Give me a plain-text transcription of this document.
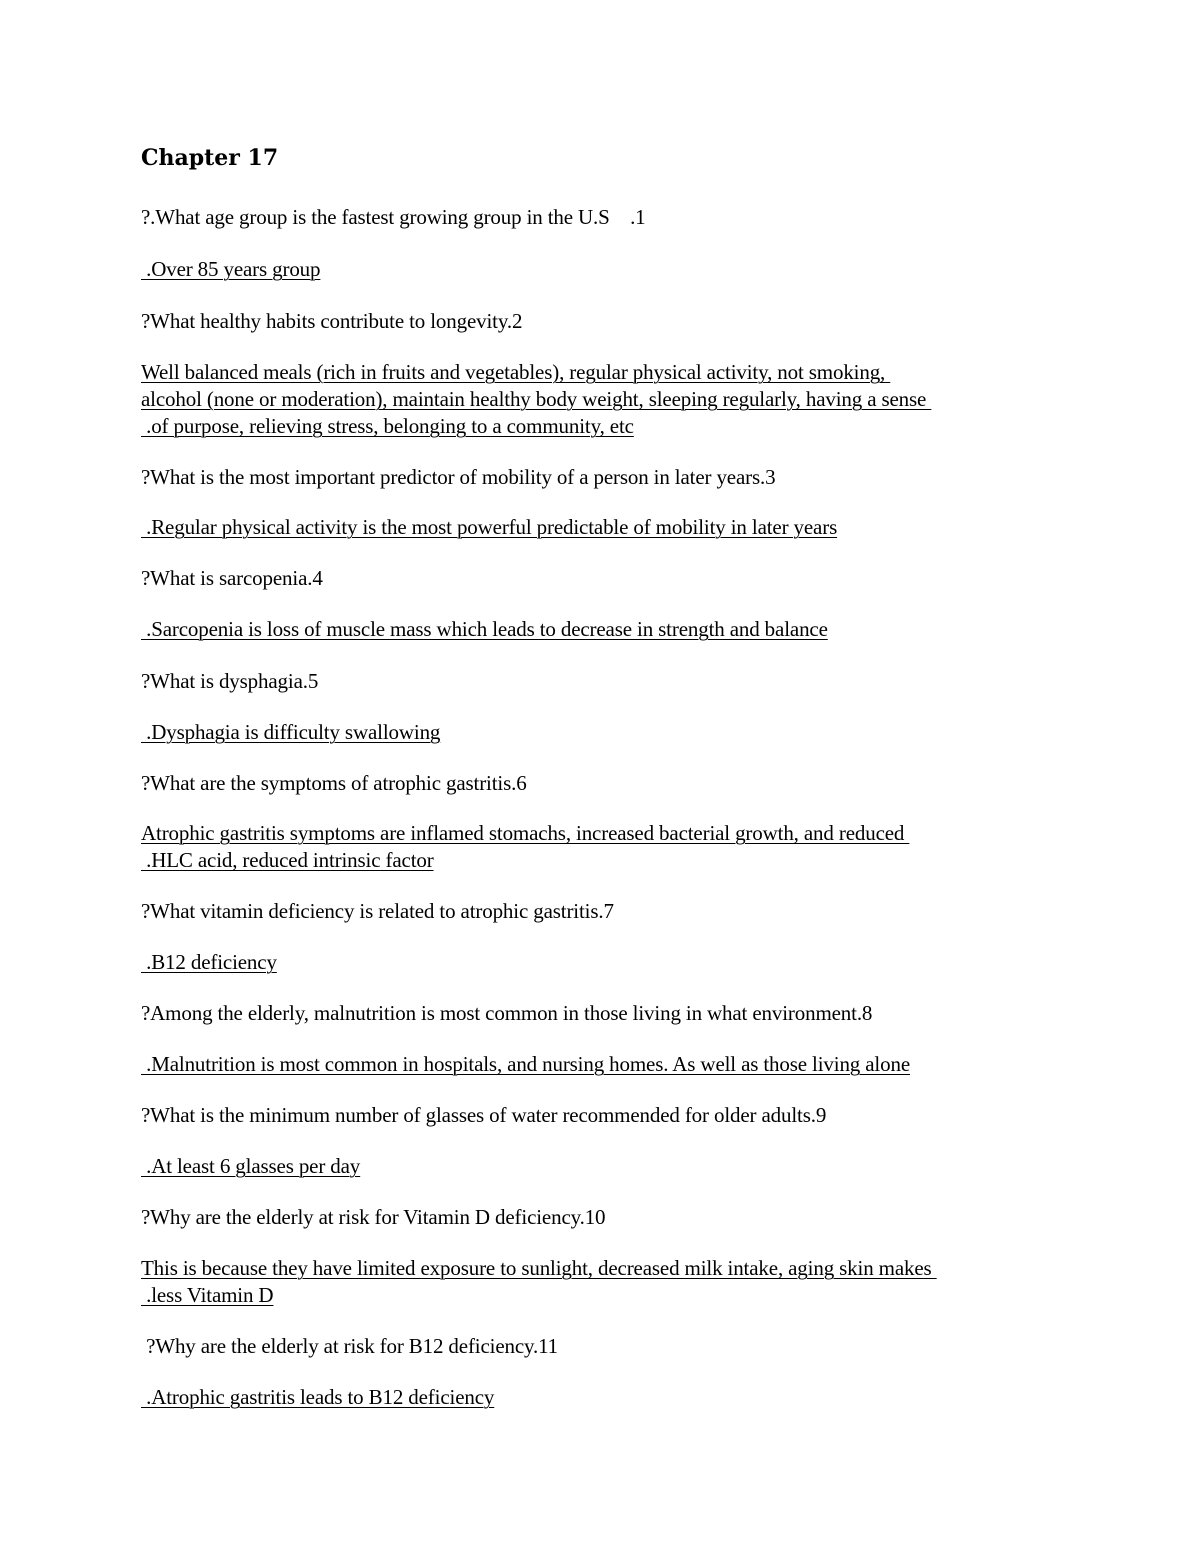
Chapter 17
?.What age group is the fastest growing group in the U.S    .1
.Over 85 years group
?What healthy habits contribute to longevity.2
Well balanced meals (rich in fruits and vegetables), regular physical activity, not smoking,
alcohol (none or moderation), maintain healthy body weight, sleeping regularly, having a sense
.of purpose, relieving stress, belonging to a community, etc
?What is the most important predictor of mobility of a person in later years.3
.Regular physical activity is the most powerful predictable of mobility in later years
?What is sarcopenia.4
.Sarcopenia is loss of muscle mass which leads to decrease in strength and balance
?What is dysphagia.5
.Dysphagia is difficulty swallowing
?What are the symptoms of atrophic gastritis.6
Atrophic gastritis symptoms are inflamed stomachs, increased bacterial growth, and reduced
.HLC acid, reduced intrinsic factor
?What vitamin deficiency is related to atrophic gastritis.7
.B12 deficiency
?Among the elderly, malnutrition is most common in those living in what environment.8
.Malnutrition is most common in hospitals, and nursing homes. As well as those living alone
?What is the minimum number of glasses of water recommended for older adults.9
.At least 6 glasses per day
?Why are the elderly at risk for Vitamin D deficiency.10
This is because they have limited exposure to sunlight, decreased milk intake, aging skin makes
.less Vitamin D
?Why are the elderly at risk for B12 deficiency.11
.Atrophic gastritis leads to B12 deficiency
